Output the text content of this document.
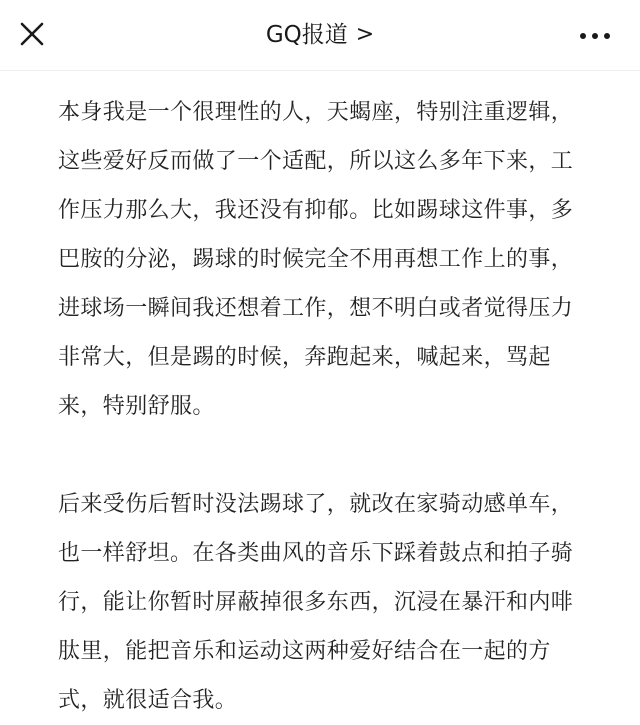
GQ报道 >

本身我是一个很理性的人，天蝎座，特别注重逻辑，这些爱好反而做了一个适配，所以这么多年下来，工作压力那么大，我还没有抑郁。比如踢球这件事，多巴胺的分泌，踢球的时候完全不用再想工作上的事，进球场一瞬间我还想着工作，想不明白或者觉得压力非常大，但是踢的时候，奔跑起来，喊起来，骂起来，特别舒服。

后来受伤后暂时没法踢球了，就改在家骑动感单车，也一样舒坦。在各类曲风的音乐下踩着鼓点和拍子骑行，能让你暂时屏蔽掉很多东西，沉浸在暴汗和内啡肽里，能把音乐和运动这两种爱好结合在一起的方式，就很适合我。
